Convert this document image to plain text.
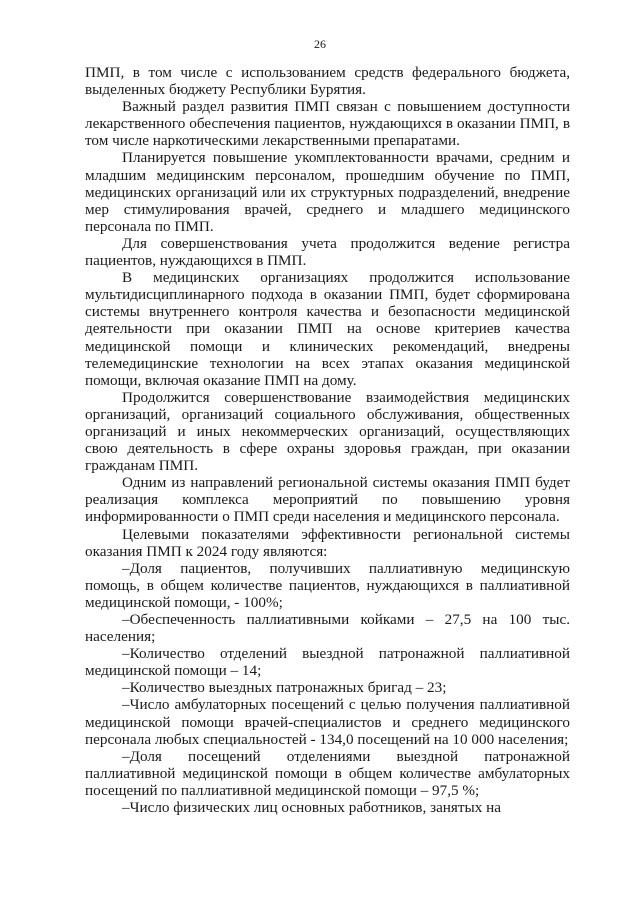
26

ПМП, в том числе с использованием средств федерального бюджета, выделенных бюджету Республики Бурятия.

Важный раздел развития ПМП связан с повышением доступности лекарственного обеспечения пациентов, нуждающихся в оказании ПМП, в том числе наркотическими лекарственными препаратами.

Планируется повышение укомплектованности врачами, средним и младшим медицинским персоналом, прошедшим обучение по ПМП, медицинских организаций или их структурных подразделений, внедрение мер стимулирования врачей, среднего и младшего медицинского персонала по ПМП.

Для совершенствования учета продолжится ведение регистра пациентов, нуждающихся в ПМП.

В медицинских организациях продолжится использование мультидисциплинарного подхода в оказании ПМП, будет сформирована системы внутреннего контроля качества и безопасности медицинской деятельности при оказании ПМП на основе критериев качества медицинской помощи и клинических рекомендаций, внедрены телемедицинские технологии на всех этапах оказания медицинской помощи, включая оказание ПМП на дому.

Продолжится совершенствование взаимодействия медицинских организаций, организаций социального обслуживания, общественных организаций и иных некоммерческих организаций, осуществляющих свою деятельность в сфере охраны здоровья граждан, при оказании гражданам ПМП.

Одним из направлений региональной системы оказания ПМП будет реализация комплекса мероприятий по повышению уровня информированности о ПМП среди населения и медицинского персонала.

Целевыми показателями эффективности региональной системы оказания ПМП к 2024 году являются:

–Доля пациентов, получивших паллиативную медицинскую помощь, в общем количестве пациентов, нуждающихся в паллиативной медицинской помощи, - 100%;

–Обеспеченность паллиативными койками – 27,5 на 100 тыс. населения;

–Количество отделений выездной патронажной паллиативной медицинской помощи – 14;

–Количество выездных патронажных бригад – 23;

–Число амбулаторных посещений с целью получения паллиативной медицинской помощи врачей-специалистов и среднего медицинского персонала любых специальностей - 134,0 посещений на 10 000 населения;

–Доля посещений отделениями выездной патронажной паллиативной медицинской помощи в общем количестве амбулаторных посещений по паллиативной медицинской помощи – 97,5 %;

–Число физических лиц основных работников, занятых на
